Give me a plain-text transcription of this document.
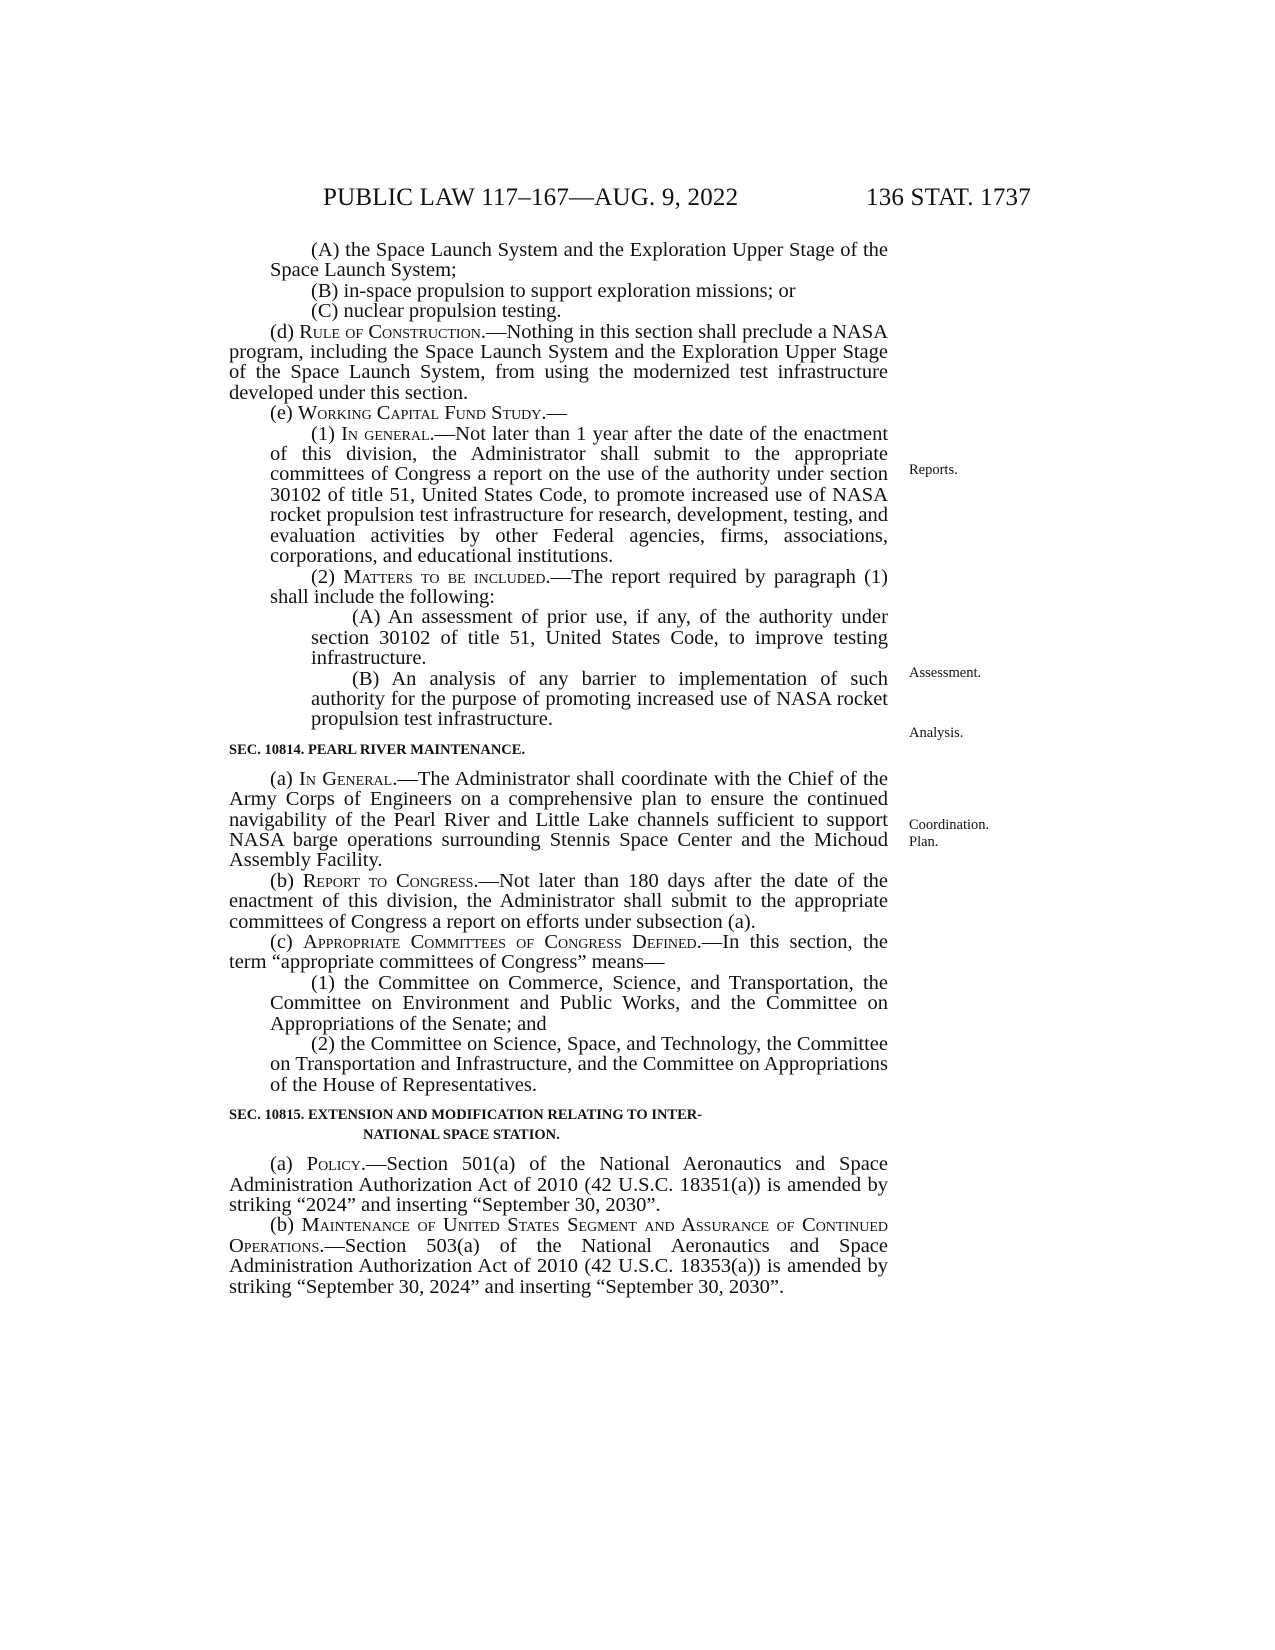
PUBLIC LAW 117–167—AUG. 9, 2022	136 STAT. 1737
Reports.
Assessment.
Analysis.
Coordination.
Plan.

(A) the Space Launch System and the Exploration Upper Stage of the Space Launch System;

(B) in-space propulsion to support exploration missions; or

(C) nuclear propulsion testing.

(d) Rule of Construction.—Nothing in this section shall preclude a NASA program, including the Space Launch System and the Exploration Upper Stage of the Space Launch System, from using the modernized test infrastructure developed under this section.

(e) Working Capital Fund Study.—

(1) In general.—Not later than 1 year after the date of the enactment of this division, the Administrator shall submit to the appropriate committees of Congress a report on the use of the authority under section 30102 of title 51, United States Code, to promote increased use of NASA rocket propulsion test infrastructure for research, development, testing, and evaluation activities by other Federal agencies, firms, associations, corporations, and educational institutions.

(2) Matters to be included.—The report required by paragraph (1) shall include the following:

(A) An assessment of prior use, if any, of the authority under section 30102 of title 51, United States Code, to improve testing infrastructure.

(B) An analysis of any barrier to implementation of such authority for the purpose of promoting increased use of NASA rocket propulsion test infrastructure.

SEC. 10814. PEARL RIVER MAINTENANCE.

(a) In General.—The Administrator shall coordinate with the Chief of the Army Corps of Engineers on a comprehensive plan to ensure the continued navigability of the Pearl River and Little Lake channels sufficient to support NASA barge operations surrounding Stennis Space Center and the Michoud Assembly Facility.

(b) Report to Congress.—Not later than 180 days after the date of the enactment of this division, the Administrator shall submit to the appropriate committees of Congress a report on efforts under subsection (a).

(c) Appropriate Committees of Congress Defined.—In this section, the term “appropriate committees of Congress” means—

(1) the Committee on Commerce, Science, and Transportation, the Committee on Environment and Public Works, and the Committee on Appropriations of the Senate; and

(2) the Committee on Science, Space, and Technology, the Committee on Transportation and Infrastructure, and the Committee on Appropriations of the House of Representatives.

SEC. 10815. EXTENSION AND MODIFICATION RELATING TO INTER-
NATIONAL SPACE STATION.

(a) Policy.—Section 501(a) of the National Aeronautics and Space Administration Authorization Act of 2010 (42 U.S.C. 18351(a)) is amended by striking “2024” and inserting “September 30, 2030”.

(b) Maintenance of United States Segment and Assurance of Continued Operations.—Section 503(a) of the National Aeronautics and Space Administration Authorization Act of 2010 (42 U.S.C. 18353(a)) is amended by striking “September 30, 2024” and inserting “September 30, 2030”.
